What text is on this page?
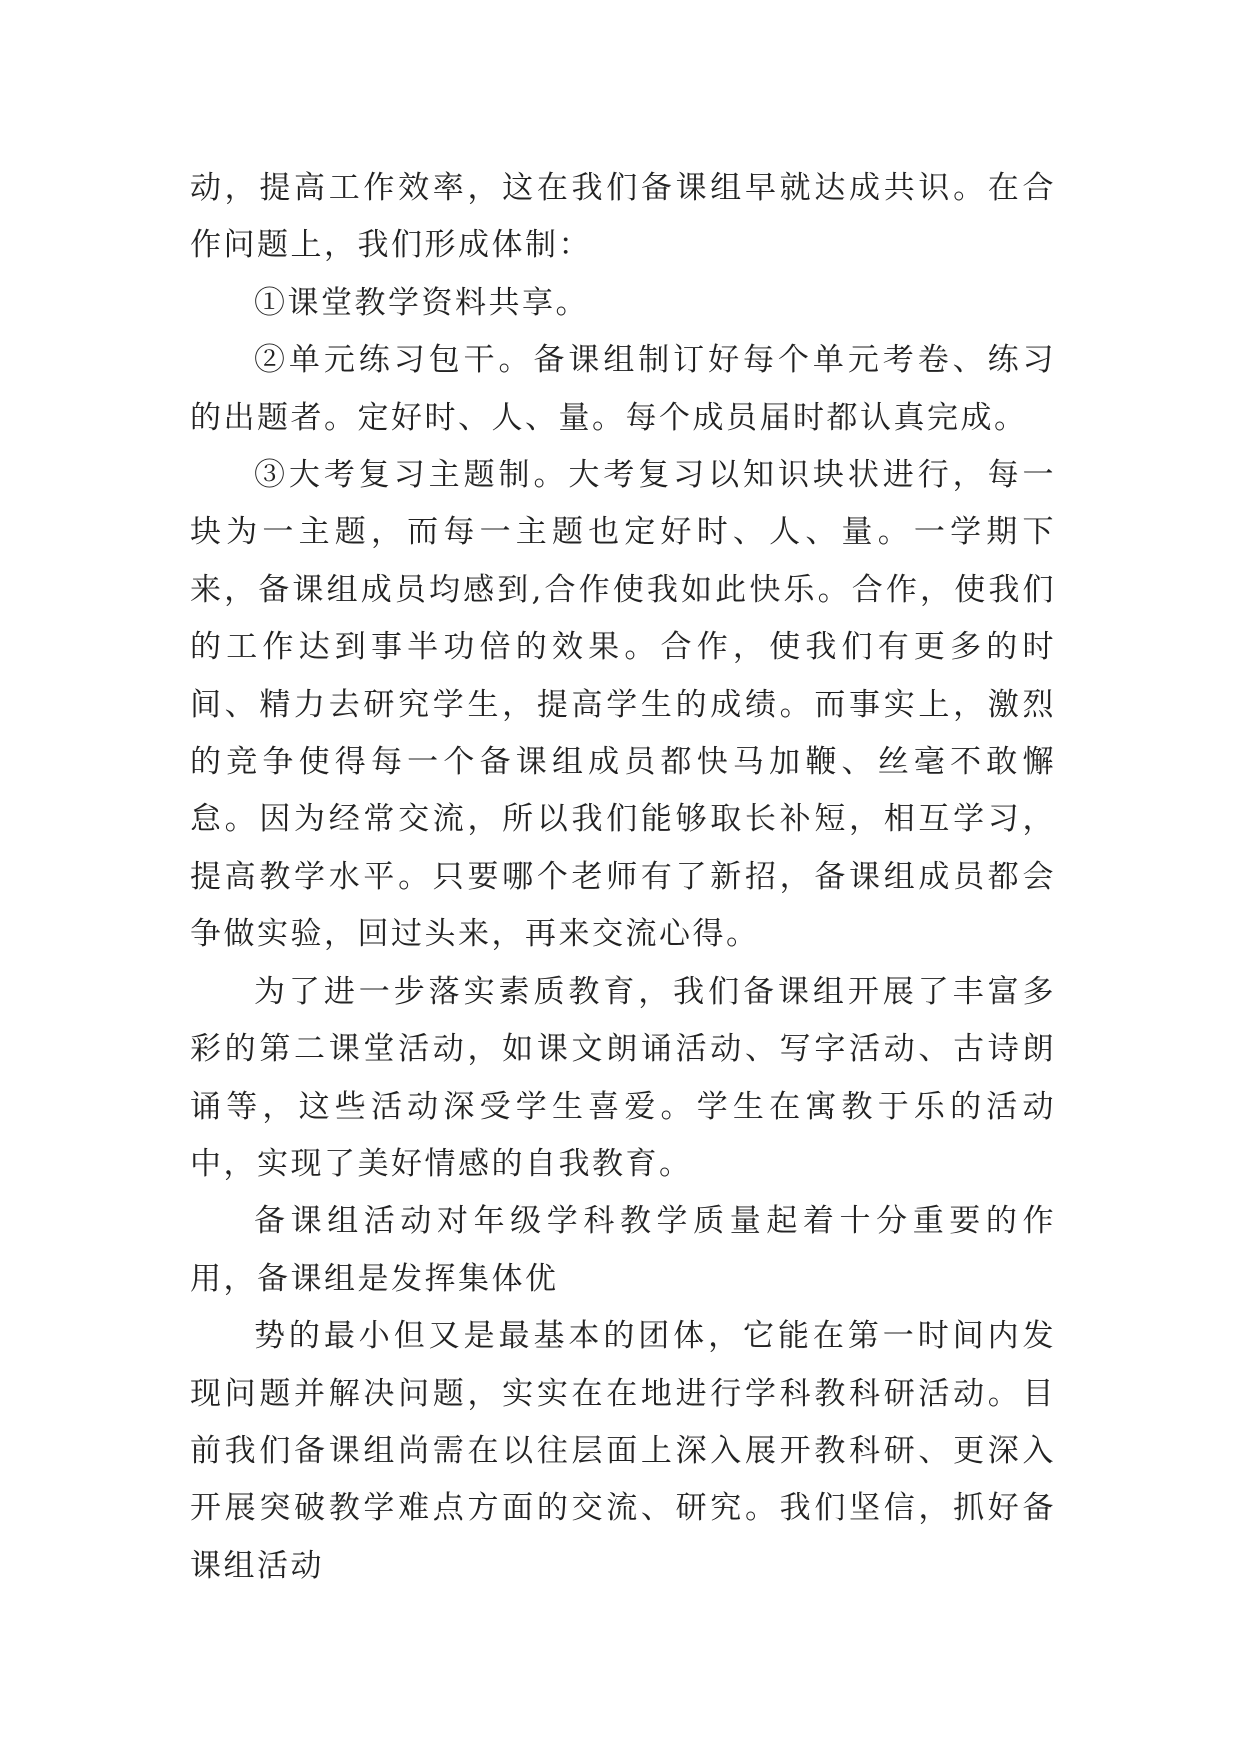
动，提高工作效率，这在我们备课组早就达成共识。在合作问题上，我们形成体制：

①课堂教学资料共享。

②单元练习包干。备课组制订好每个单元考卷、练习的出题者。定好时、人、量。每个成员届时都认真完成。

③大考复习主题制。大考复习以知识块状进行，每一块为一主题，而每一主题也定好时、人、量。一学期下来，备课组成员均感到,合作使我如此快乐。合作，使我们的工作达到事半功倍的效果。合作，使我们有更多的时间、精力去研究学生，提高学生的成绩。而事实上，激烈的竞争使得每一个备课组成员都快马加鞭、丝毫不敢懈怠。因为经常交流，所以我们能够取长补短，相互学习，提高教学水平。只要哪个老师有了新招，备课组成员都会争做实验，回过头来，再来交流心得。

为了进一步落实素质教育，我们备课组开展了丰富多彩的第二课堂活动，如课文朗诵活动、写字活动、古诗朗诵等，这些活动深受学生喜爱。学生在寓教于乐的活动中，实现了美好情感的自我教育。

备课组活动对年级学科教学质量起着十分重要的作用，备课组是发挥集体优

势的最小但又是最基本的团体，它能在第一时间内发现问题并解决问题，实实在在地进行学科教科研活动。目前我们备课组尚需在以往层面上深入展开教科研、更深入开展突破教学难点方面的交流、研究。我们坚信，抓好备课组活动
